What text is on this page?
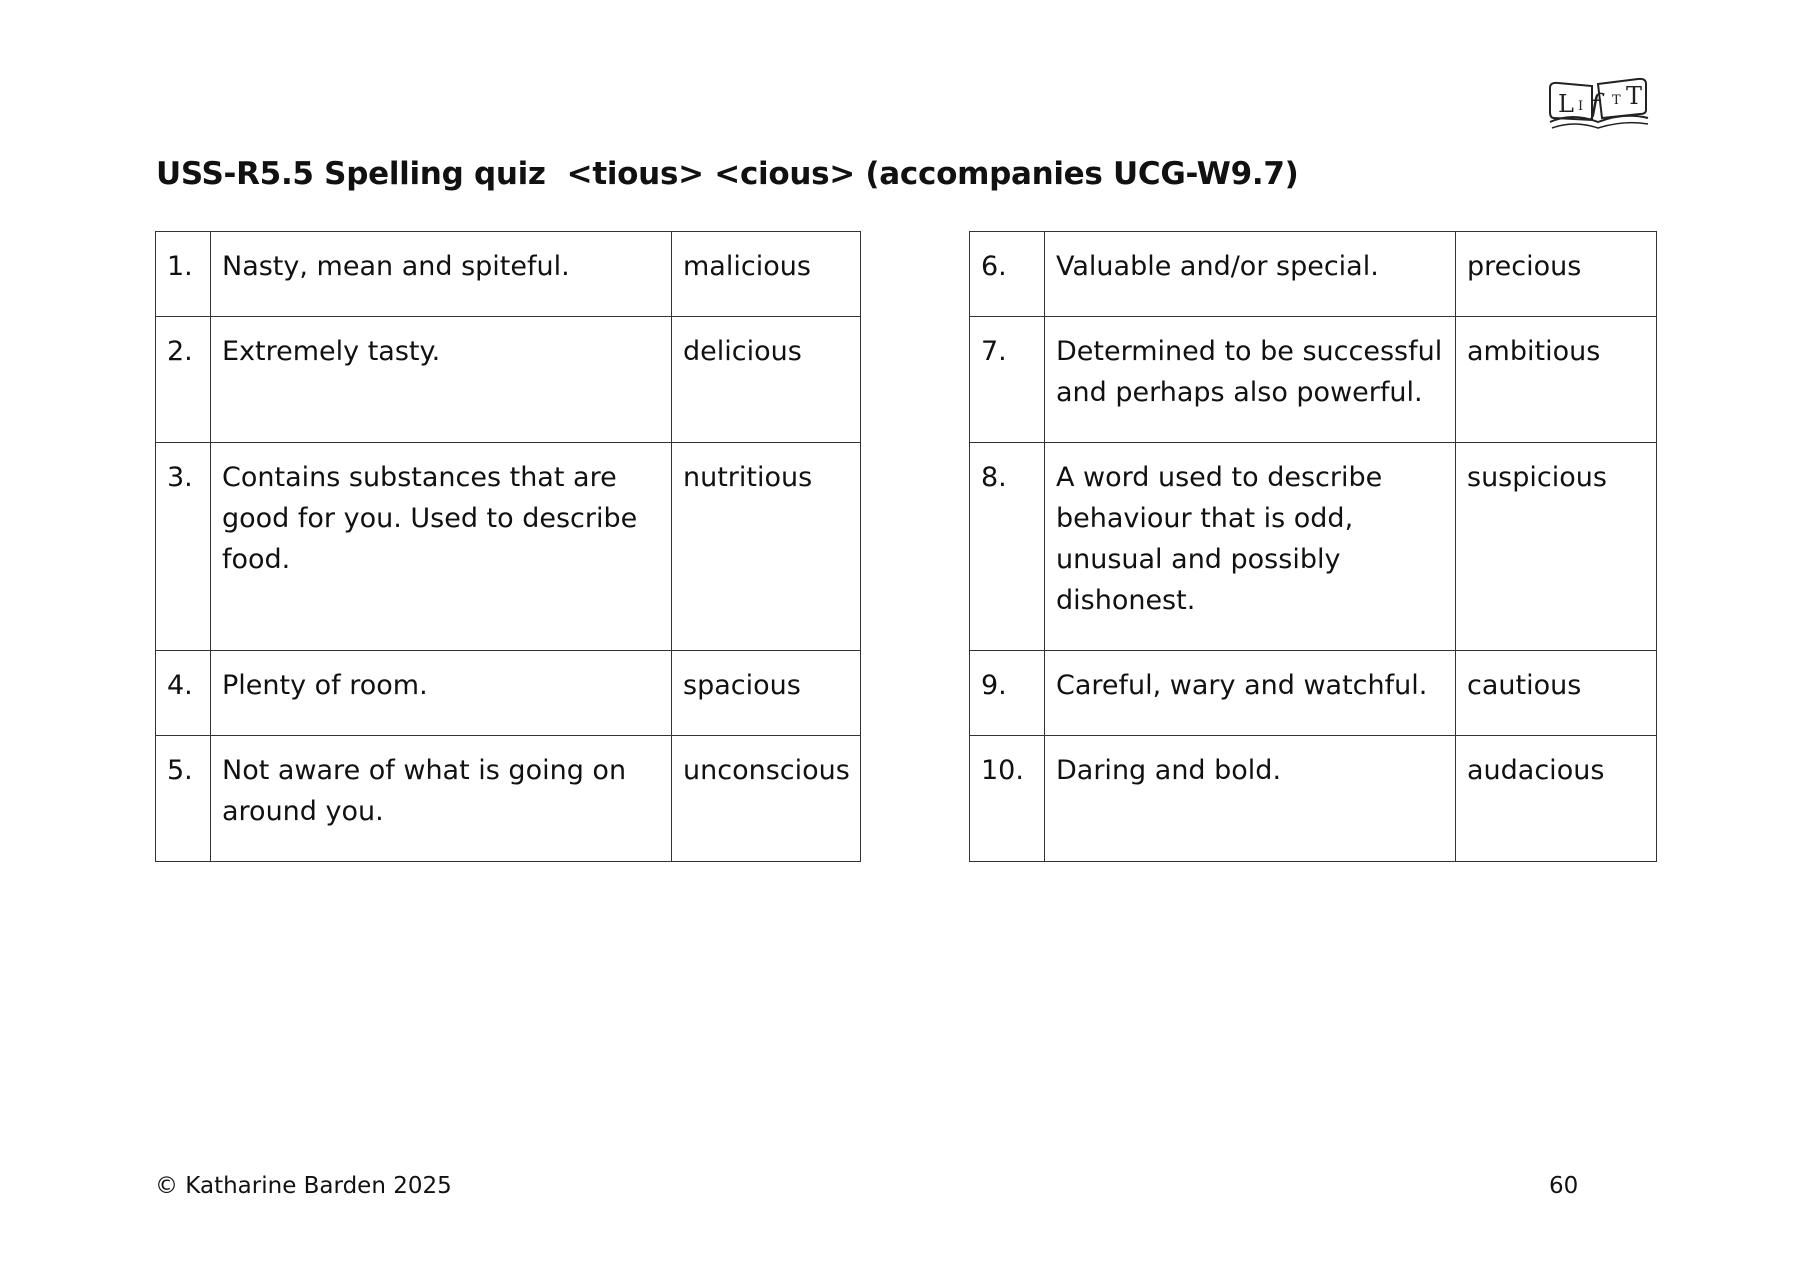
L I f T T
USS-R5.5 Spelling quiz  <tious> <cious> (accompanies UCG-W9.7)
1.	Nasty, mean and spiteful.	malicious
2.	Extremely tasty.	delicious
3.	Contains substances that are good for you. Used to describe food.	nutritious
4.	Plenty of room.	spacious
5.	Not aware of what is going on around you.	unconscious
6.	Valuable and/or special.	precious
7.	Determined to be successful and perhaps also powerful.	ambitious
8.	A word used to describe behaviour that is odd, unusual and possibly dishonest.	suspicious
9.	Careful, wary and watchful.	cautious
10.	Daring and bold.	audacious
© Katharine Barden 2025	60
